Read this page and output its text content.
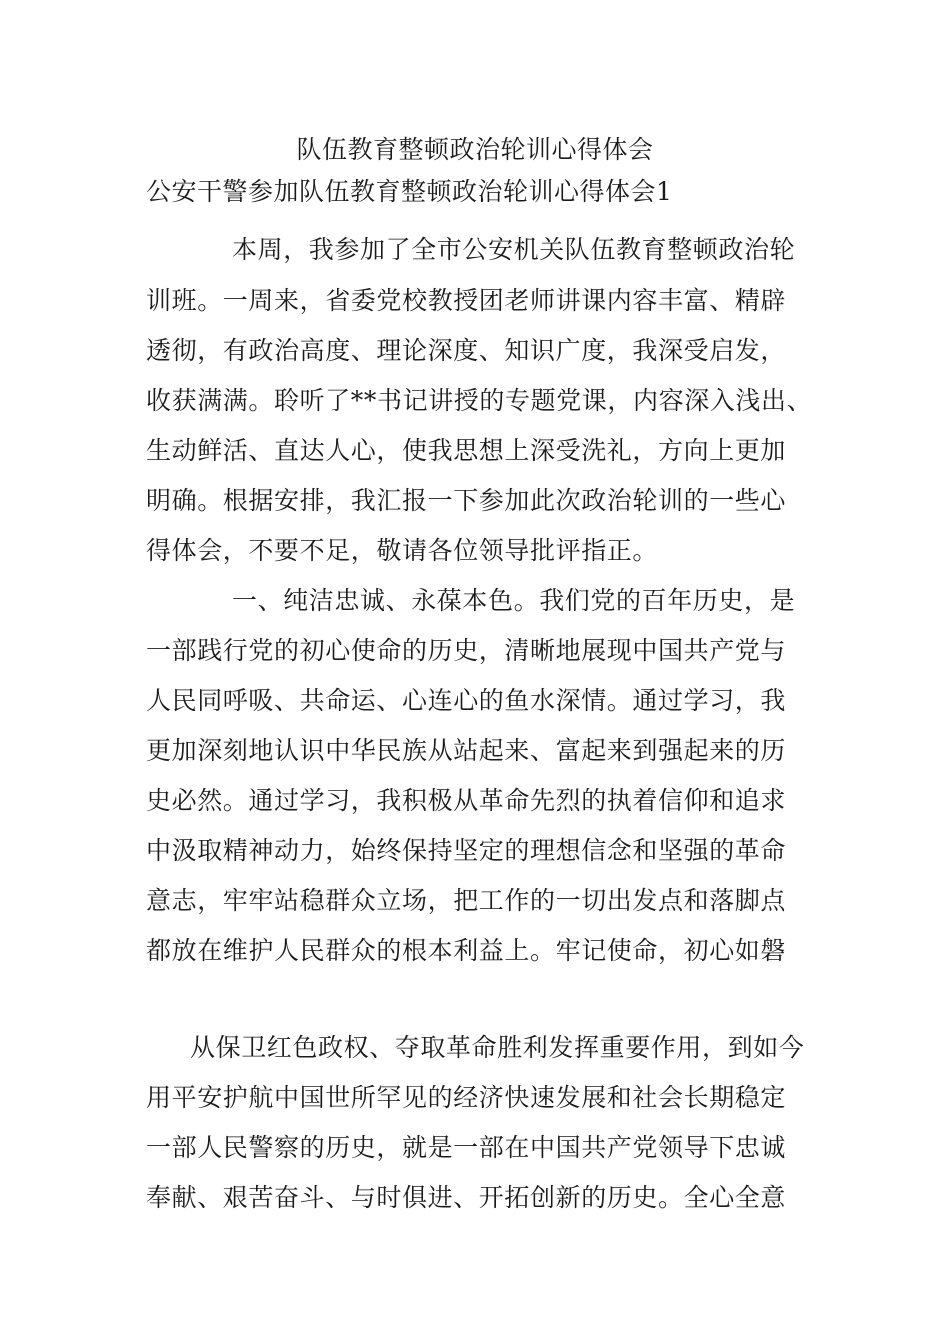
队伍教育整顿政治轮训心得体会
公安干警参加队伍教育整顿政治轮训心得体会1
本周，我参加了全市公安机关队伍教育整顿政治轮
训班。一周来，省委党校教授团老师讲课内容丰富、精辟
透彻，有政治高度、理论深度、知识广度，我深受启发，
收获满满。聆听了**书记讲授的专题党课，内容深入浅出、
生动鲜活、直达人心，使我思想上深受洗礼，方向上更加
明确。根据安排，我汇报一下参加此次政治轮训的一些心
得体会，不要不足，敬请各位领导批评指正。
一、纯洁忠诚、永葆本色。我们党的百年历史，是
一部践行党的初心使命的历史，清晰地展现中国共产党与
人民同呼吸、共命运、心连心的鱼水深情。通过学习，我
更加深刻地认识中华民族从站起来、富起来到强起来的历
史必然。通过学习，我积极从革命先烈的执着信仰和追求
中汲取精神动力，始终保持坚定的理想信念和坚强的革命
意志，牢牢站稳群众立场，把工作的一切出发点和落脚点
都放在维护人民群众的根本利益上。牢记使命，初心如磐
从保卫红色政权、夺取革命胜利发挥重要作用，到如今
用平安护航中国世所罕见的经济快速发展和社会长期稳定
一部人民警察的历史，就是一部在中国共产党领导下忠诚
奉献、艰苦奋斗、与时俱进、开拓创新的历史。全心全意
